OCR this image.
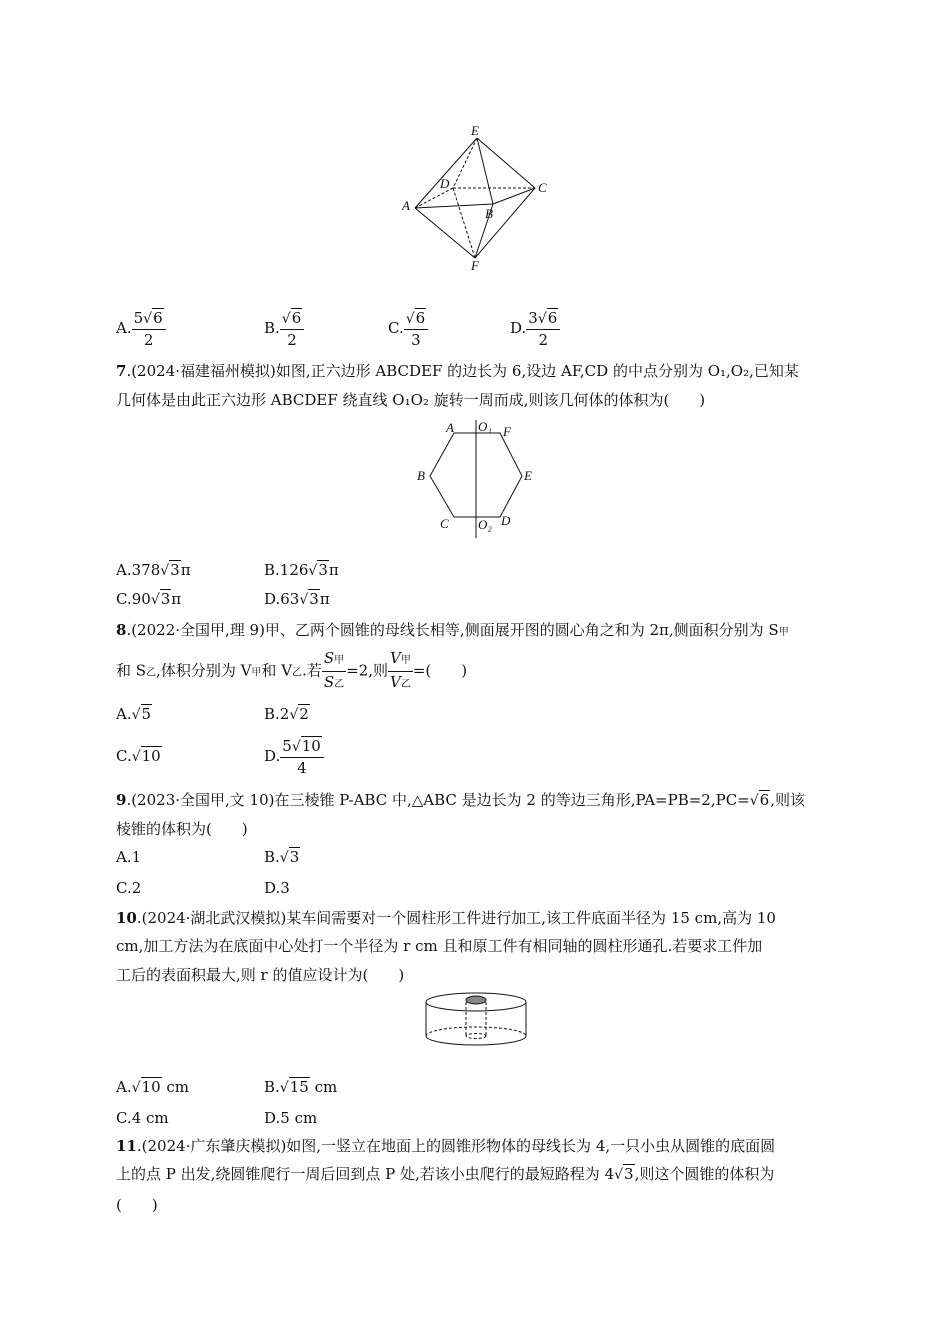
E
D	C
A
B
F
A. $\frac{5√6}{2}$	B. $\frac{√6}{2}$	C. $\frac{√6}{3}$	D. $\frac{3√6}{2}$
7.(2024·福建福州模拟)如图,正六边形 ABCDEF 的边长为 6,设边 AF,CD 的中点分别为 O₁,O₂,已知某
几何体是由此正六边形 ABCDEF 绕直线 O₁O₂ 旋转一周而成,则该几何体的体积为(　　)
A O₁ F
B	E
C O₂ D
A.378√3π	B.126√3π
C.90√3π	D.63√3π
8.(2022·全国甲,理 9)甲、乙两个圆锥的母线长相等,侧面展开图的圆心角之和为 2π,侧面积分别为 S甲
和 S乙,体积分别为 V甲和 V乙.若 $\frac{\text{S甲}}{\text{S乙}} =2$,则 $\frac{\text{V甲}}{\text{V乙}}$ =(　　)
A.√5	B.2√2
C.√10	D. $\frac{5√10}{4}$
9.(2023·全国甲,文 10)在三棱锥 P-ABC 中,△ABC 是边长为 2 的等边三角形,PA=PB=2,PC=√6,则该
棱锥的体积为(　　)
A.1	B.√3
C.2	D.3
10.(2024·湖北武汉模拟)某车间需要对一个圆柱形工件进行加工,该工件底面半径为 15 cm,高为 10
cm,加工方法为在底面中心处打一个半径为 r cm 且和原工件有相同轴的圆柱形通孔.若要求工件加
工后的表面积最大,则 r 的值应设计为(　　)
A.√10 cm	B.√15 cm
C.4 cm	D.5 cm
11.(2024·广东肇庆模拟)如图,一竖立在地面上的圆锥形物体的母线长为 4,一只小虫从圆锥的底面圆
上的点 P 出发,绕圆锥爬行一周后回到点 P 处,若该小虫爬行的最短路程为 4√3,则这个圆锥的体积为
(　　)
